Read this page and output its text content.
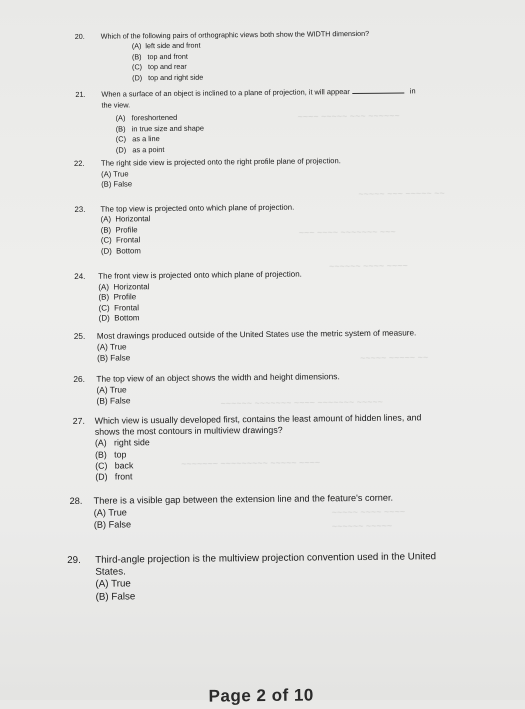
~~~~ ~~~~~ ~~~ ~~~~~~
~~~~~ ~~~ ~~~~~ ~~
~~~ ~~~~ ~~~~~~~ ~~~
~~~~~~ ~~~~ ~~~~
~~~~~ ~~~~~ ~~
~~~~~~ ~~~~~~~ ~~~~ ~~~~~~~ ~~~~~
~~~~~~~ ~~~~~~~~~ ~~~~~ ~~~~
~~~~~ ~~~~ ~~~~
~~~~~~ ~~~~~
20. Which of the following pairs of orthographic views both show the WIDTH dimension?
(A)  left side and front
(B)   top and front
(C)   top and rear
(D)   top and right side
21. When a surface of an object is inclined to a plane of projection, it will appear	in
the view.
(A)   foreshortened
(B)   in true size and shape
(C)   as a line
(D)   as a point
22. The right side view is projected onto the right profile plane of projection.
(A) True
(B) False
23. The top view is projected onto which plane of projection.
(A)  Horizontal
(B)  Profile
(C)  Frontal
(D)  Bottom
24. The front view is projected onto which plane of projection.
(A)  Horizontal
(B)  Profile
(C)  Frontal
(D)  Bottom
25. Most drawings produced outside of the United States use the metric system of measure.
(A) True
(B) False
26. The top view of an object shows the width and height dimensions.
(A) True
(B) False
27. Which view is usually developed first, contains the least amount of hidden lines, and
shows the most contours in multiview drawings?
(A)   right side
(B)   top
(C)   back
(D)   front
28. There is a visible gap between the extension line and the feature's corner.
(A) True
(B) False
29. Third-angle projection is the multiview projection convention used in the United
States.
(A) True
(B) False
Page 2 of 10
